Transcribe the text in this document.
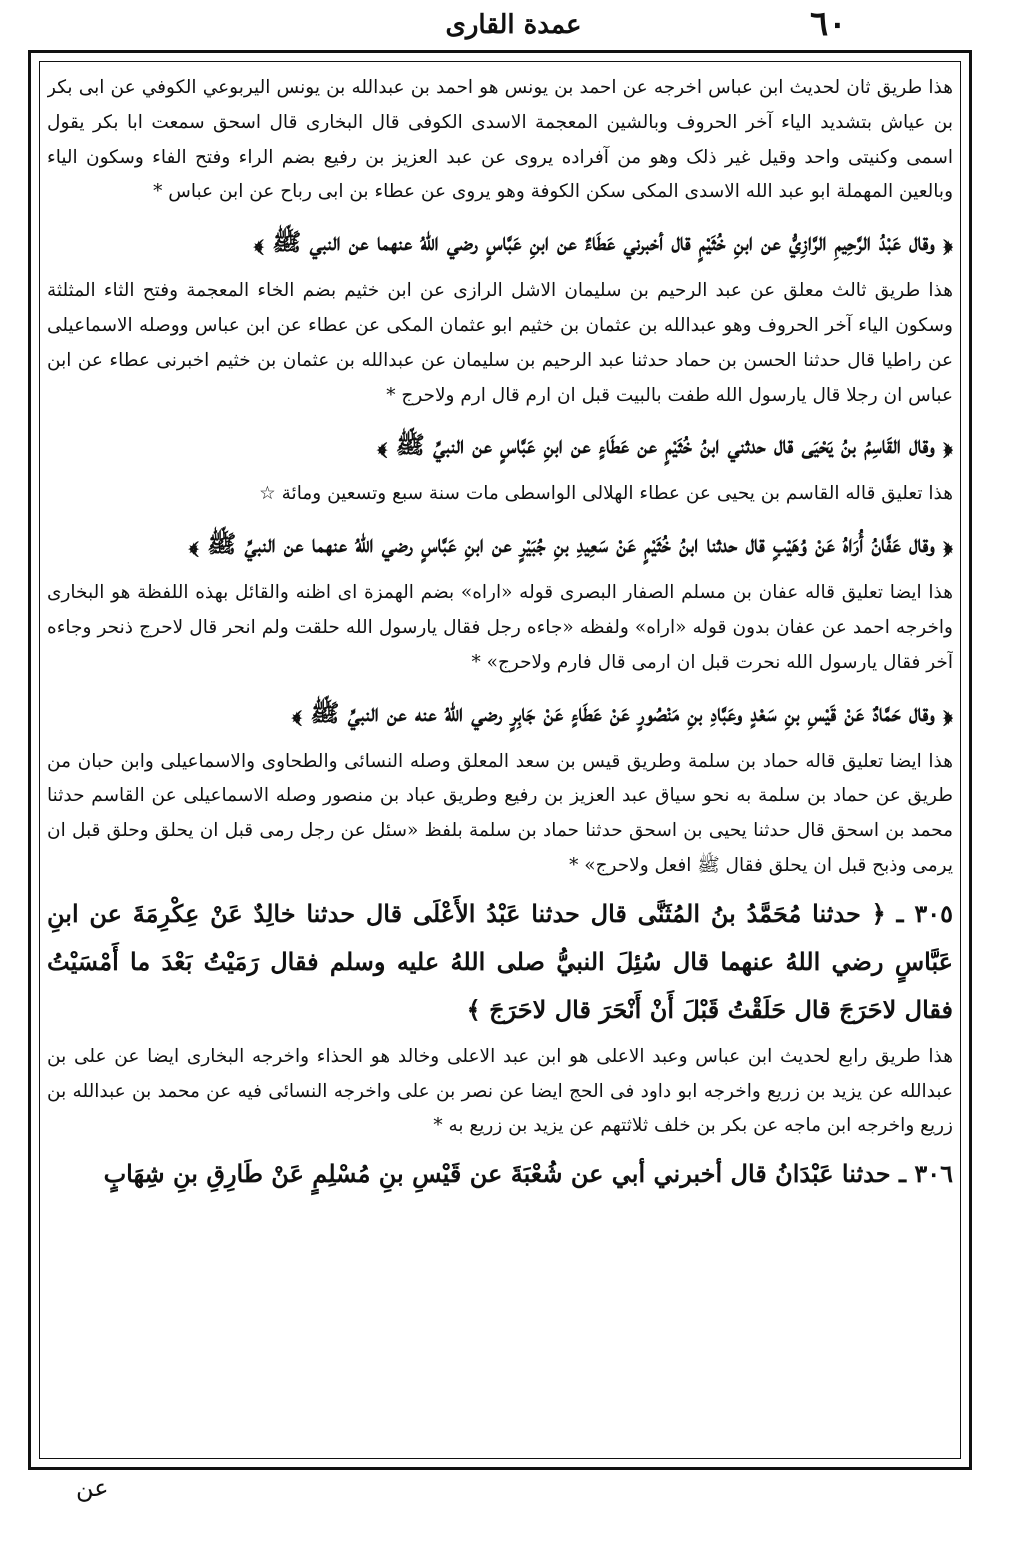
عمدة القاری	٦٠

هذا طريق ثان لحديث ابن عباس اخرجه عن احمد بن يونس هو احمد بن عبدالله بن يونس اليربوعي الكوفي عن ابی بکر بن عیاش بتشدید الیاء آخر الحروف وبالشین المعجمة الاسدی الکوفی قال البخاری قال اسحق سمعت ابا بکر يقول اسمی وکنیتی واحد وقیل غیر ذلک وهو من آفراده یروی عن عبد العزیز بن رفیع بضم الراء وفتح الفاء وسکون الياء وبالعین المهملة ابو عبد الله الاسدی المکی سکن الکوفة وهو یروی عن عطاء بن ابی رباح عن ابن عباس *

﴿ وقال عَبْدُ الرَّحِيمِ الرَّازِيُّ عن ابنِ خُثَيْمٍ قال أخبرني عَطَاءٌ عن ابنِ عَبَّاسٍ رضي اللهُ عنهما عن النبي ﷺ ﴾

هذا طريق ثالث معلق عن عبد الرحيم بن سليمان الاشل الرازی عن ابن خثیم بضم الخاء المعجمة وفتح الثاء المثلثة وسکون الیاء آخر الحروف وهو عبدالله بن عثمان بن خثیم ابو عثمان المکی عن عطاء عن ابن عباس ووصله الاسماعیلی عن راطیا قال حدثنا الحسن بن حماد حدثنا عبد الرحیم بن سلیمان عن عبدالله بن عثمان بن خثیم اخبرنی عطاء عن ابن عباس ان رجلا قال یارسول الله طفت بالبیت قبل ان ارم قال ارم ولاحرج *

﴿ وقال القَاسِمُ بنُ يَحْيَى قال حدثني ابنُ خُثَيْمٍ عن عَطَاءٍ عن ابنِ عَبَّاسٍ عن النبيِّ ﷺ ﴾

هذا تعلیق قاله القاسم بن یحیی عن عطاء الهلالی الواسطی مات سنة سبع وتسعین ومائة ☆

﴿ وقال عَفَّانُ أُرَاهُ عَنْ وُهَيْبٍ قال حدثنا ابنُ خُثَيْمٍ عَنْ سَعِيدِ بنِ جُبَيْرٍ عن ابنِ عَبَّاسٍ رضي اللهُ عنهما عن النبيِّ ﷺ ﴾

هذا ایضا تعلیق قاله عفان بن مسلم الصفار البصری قوله «اراه» بضم الهمزة ای اظنه والقائل بهذه اللفظة هو البخاری واخرجه احمد عن عفان بدون قوله «اراه» ولفظه «جاءه رجل فقال یارسول الله حلقت ولم انحر قال لاحرج ذنحر وجاءه آخر فقال یارسول الله نحرت قبل ان ارمی قال فارم ولاحرج» *

﴿ وقال حَمَّادٌ عَنْ قَيْسِ بنِ سَعْدٍ وعَبَّادِ بنِ مَنْصُورٍ عَنْ عَطَاءٍ عَنْ جَابِرٍ رضي اللهُ عنه عن النبيِّ ﷺ ﴾

هذا ایضا تعلیق قاله حماد بن سلمة وطریق قیس بن سعد المعلق وصله النسائی والطحاوی والاسماعیلی وابن حبان من طریق عن حماد بن سلمة به نحو سیاق عبد العزیز بن رفیع وطریق عباد بن منصور وصله الاسماعیلی عن القاسم حدثنا محمد بن اسحق قال حدثنا یحیی بن اسحق حدثنا حماد بن سلمة بلفظ «سئل عن رجل رمی قبل ان یحلق وحلق قبل ان یرمی وذبح قبل ان یحلق فقال ﷺ افعل ولاحرج» *

٣٠٥ ـ ﴿ حدثنا مُحَمَّدُ بنُ المُثَنَّى قال حدثنا عَبْدُ الأَعْلَى قال حدثنا خالِدٌ عَنْ عِكْرِمَةَ عن ابنِ عَبَّاسٍ رضي اللهُ عنهما قال سُئِلَ النبيُّ صلى اللهُ عليه وسلم فقال رَمَيْتُ بَعْدَ ما أَمْسَيْتُ فقال لاحَرَجَ قال حَلَقْتُ قَبْلَ أَنْ أَنْحَرَ قال لاحَرَجَ ﴾

هذا طریق رابع لحدیث ابن عباس وعبد الاعلی هو ابن عبد الاعلی وخالد هو الحذاء واخرجه البخاری ایضا عن علی بن عبدالله عن یزید بن زریع واخرجه ابو داود فی الحج ایضا عن نصر بن علی واخرجه النسائی فیه عن محمد بن عبدالله بن زریع واخرجه ابن ماجه عن بکر بن خلف ثلاثتهم عن یزید بن زریع به *

٣٠٦ ـ حدثنا عَبْدَانُ قال أخبرني أبي عن شُعْبَةَ عن قَيْسِ بنِ مُسْلِمٍ عَنْ طَارِقِ بنِ شِهَابٍ

عن
